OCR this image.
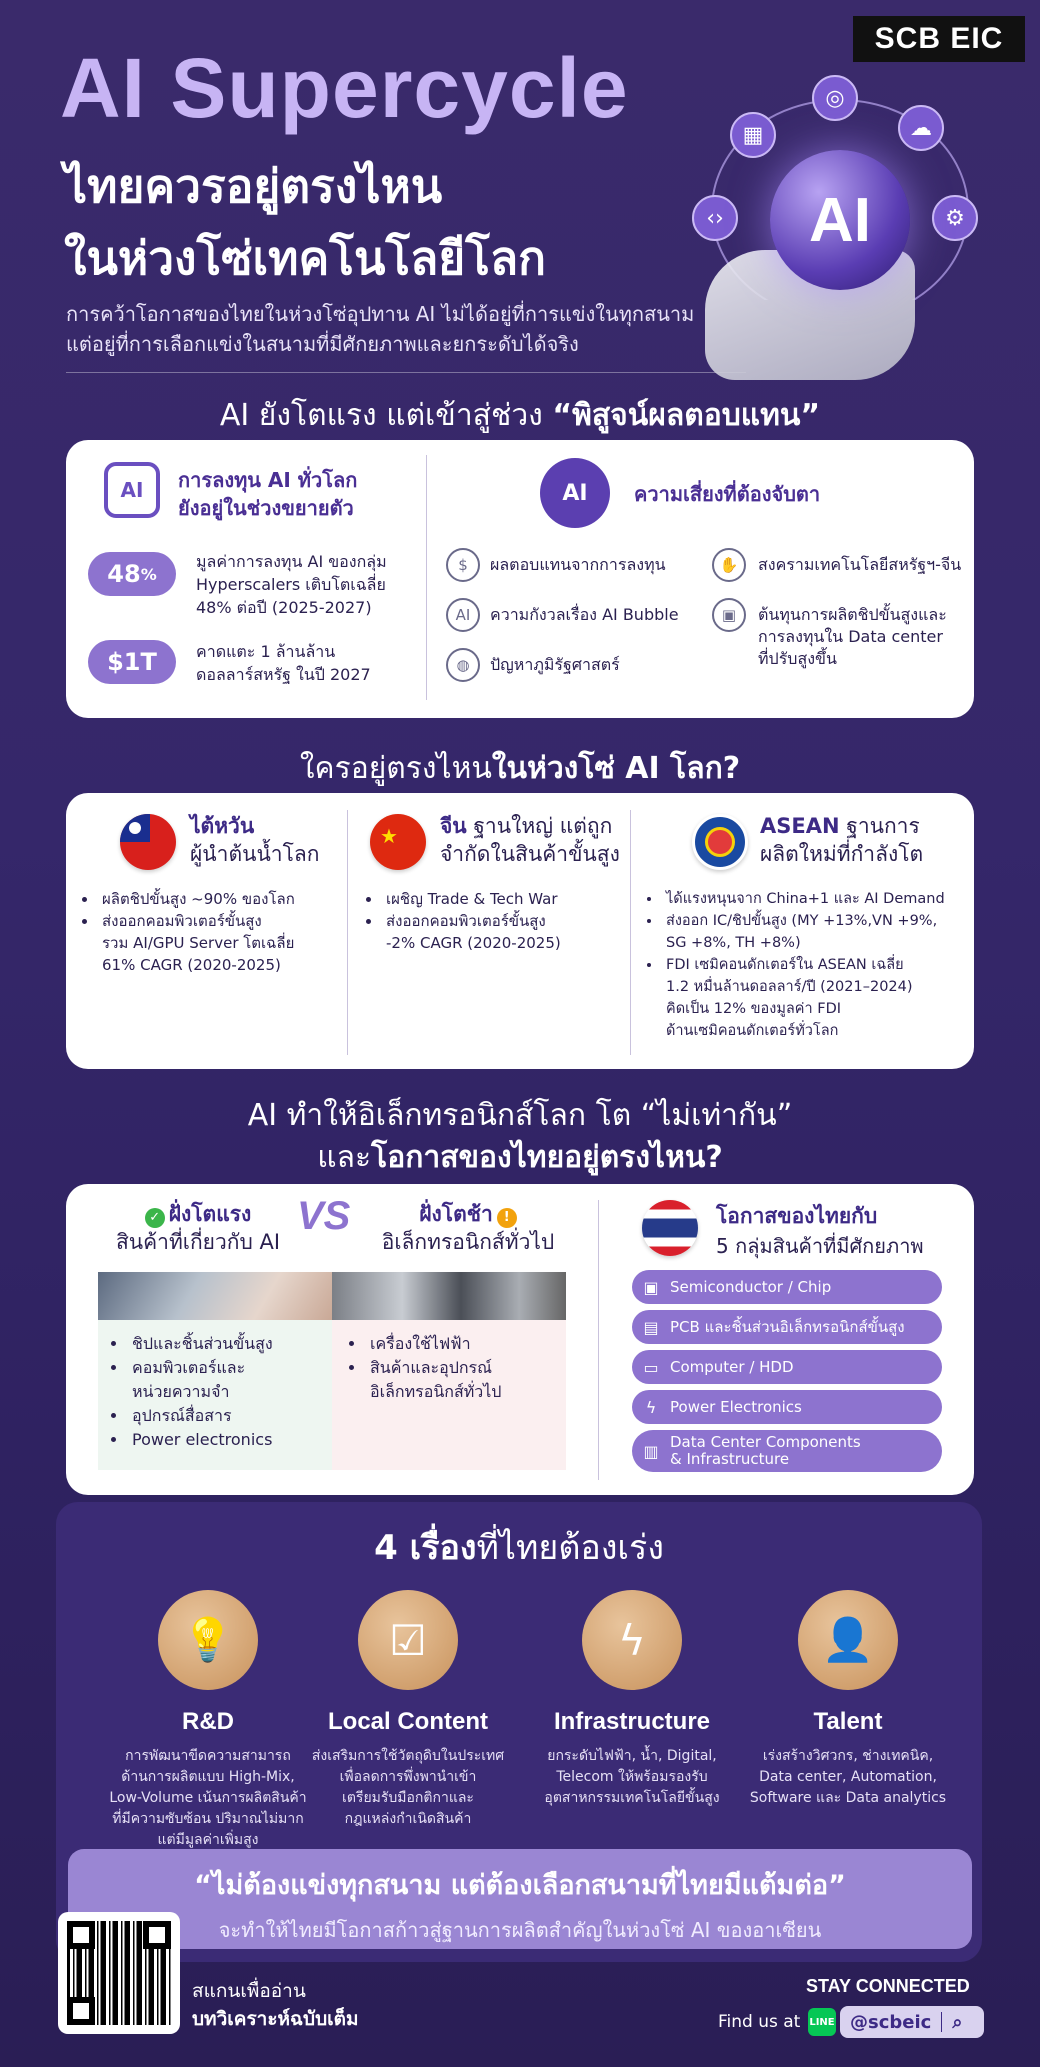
SCB EIC
AI Supercycle
ไทยควรอยู่ตรงไหน
ในห่วงโซ่เทคโนโลยีโลก
การคว้าโอกาสของไทยในห่วงโซ่อุปทาน AI ไม่ได้อยู่ที่การแข่งในทุกสนาม
แต่อยู่ที่การเลือกแข่งในสนามที่มีศักยภาพและยกระดับได้จริง
◎
▦	☁
‹›	⚙
AI
AI ยังโตแรง แต่เข้าสู่ช่วง “พิสูจน์ผลตอบแทน”
AI	การลงทุน AI ทั่วโลก
ยังอยู่ในช่วงขยายตัว
48 %
มูลค่าการลงทุน AI ของกลุ่ม
Hyperscalers เติบโตเฉลี่ย
48% ต่อปี (2025-2027)
$1T	คาดแตะ 1 ล้านล้าน
ดอลลาร์สหรัฐ ในปี 2027
AI	ความเสี่ยงที่ต้องจับตา
$	ผลตอบแทนจากการลงทุน
AI	ความกังวลเรื่อง AI Bubble
◍	ปัญหาภูมิรัฐศาสตร์
✋	สงครามเทคโนโลยีสหรัฐฯ-จีน
▣	ต้นทุนการผลิตชิปขั้นสูงและ
การลงทุนใน Data center
ที่ปรับสูงขึ้น
ใครอยู่ตรงไหนในห่วงโซ่ AI โลก?
ไต้หวัน
ผู้นำต้นน้ำโลก
• ผลิตชิปขั้นสูง ~90% ของโลก
• ส่งออกคอมพิวเตอร์ขั้นสูง
รวม AI/GPU Server โตเฉลี่ย
61% CAGR (2020-2025)
★ จีน ฐานใหญ่ แต่ถูก
จำกัดในสินค้าขั้นสูง
• เผชิญ Trade & Tech War
• ส่งออกคอมพิวเตอร์ขั้นสูง
-2% CAGR (2020-2025)
ASEAN ฐานการ
ผลิตใหม่ที่กำลังโต
• ได้แรงหนุนจาก China+1 และ AI Demand
• ส่งออก IC/ชิปขั้นสูง (MY +13%,VN +9%,
SG +8%, TH +8%)
• FDI เซมิคอนดักเตอร์ใน ASEAN เฉลี่ย
1.2 หมื่นล้านดอลลาร์/ปี (2021–2024)
คิดเป็น 12% ของมูลค่า FDI
ด้านเซมิคอนดักเตอร์ทั่วโลก
AI ทำให้อิเล็กทรอนิกส์โลก โต “ไม่เท่ากัน”
และโอกาสของไทยอยู่ตรงไหน?
✓ ฝั่งโตแรง
สินค้าที่เกี่ยวกับ AI
VS	ฝั่งโตช้า !
อิเล็กทรอนิกส์ทั่วไป
• ชิปและชิ้นส่วนขั้นสูง
• คอมพิวเตอร์และ
หน่วยความจำ
• อุปกรณ์สื่อสาร
• Power electronics
• เครื่องใช้ไฟฟ้า
• สินค้าและอุปกรณ์
อิเล็กทรอนิกส์ทั่วไป
โอกาสของไทยกับ
5 กลุ่มสินค้าที่มีศักยภาพ
▣ Semiconductor / Chip
▤ PCB และชิ้นส่วนอิเล็กทรอนิกส์ขั้นสูง
▭ Computer / HDD
ϟ Power Electronics
▥ Data Center Components
& Infrastructure
4 เรื่องที่ไทยต้องเร่ง
💡
R&D
การพัฒนาขีดความสามารถ
ด้านการผลิตแบบ High-Mix,
Low-Volume เน้นการผลิตสินค้า
ที่มีความซับซ้อน ปริมาณไม่มาก
แต่มีมูลค่าเพิ่มสูง
☑
Local Content
ส่งเสริมการใช้วัตถุดิบในประเทศ
เพื่อลดการพึ่งพานำเข้า
เตรียมรับมือกติกาและ
กฎแหล่งกำเนิดสินค้า
ϟ
Infrastructure
ยกระดับไฟฟ้า, น้ำ, Digital,
Telecom ให้พร้อมรองรับ
อุตสาหกรรมเทคโนโลยีขั้นสูง
👤
Talent
เร่งสร้างวิศวกร, ช่างเทคนิค,
Data center, Automation,
Software และ Data analytics
“ไม่ต้องแข่งทุกสนาม แต่ต้องเลือกสนามที่ไทยมีแต้มต่อ”
จะทำให้ไทยมีโอกาสก้าวสู่ฐานการผลิตสำคัญในห่วงโซ่ AI ของอาเซียน
สแกนเพื่ออ่าน
บทวิเคราะห์ฉบับเต็ม
STAY CONNECTED
Find us at LINE @scbeic ⌕
